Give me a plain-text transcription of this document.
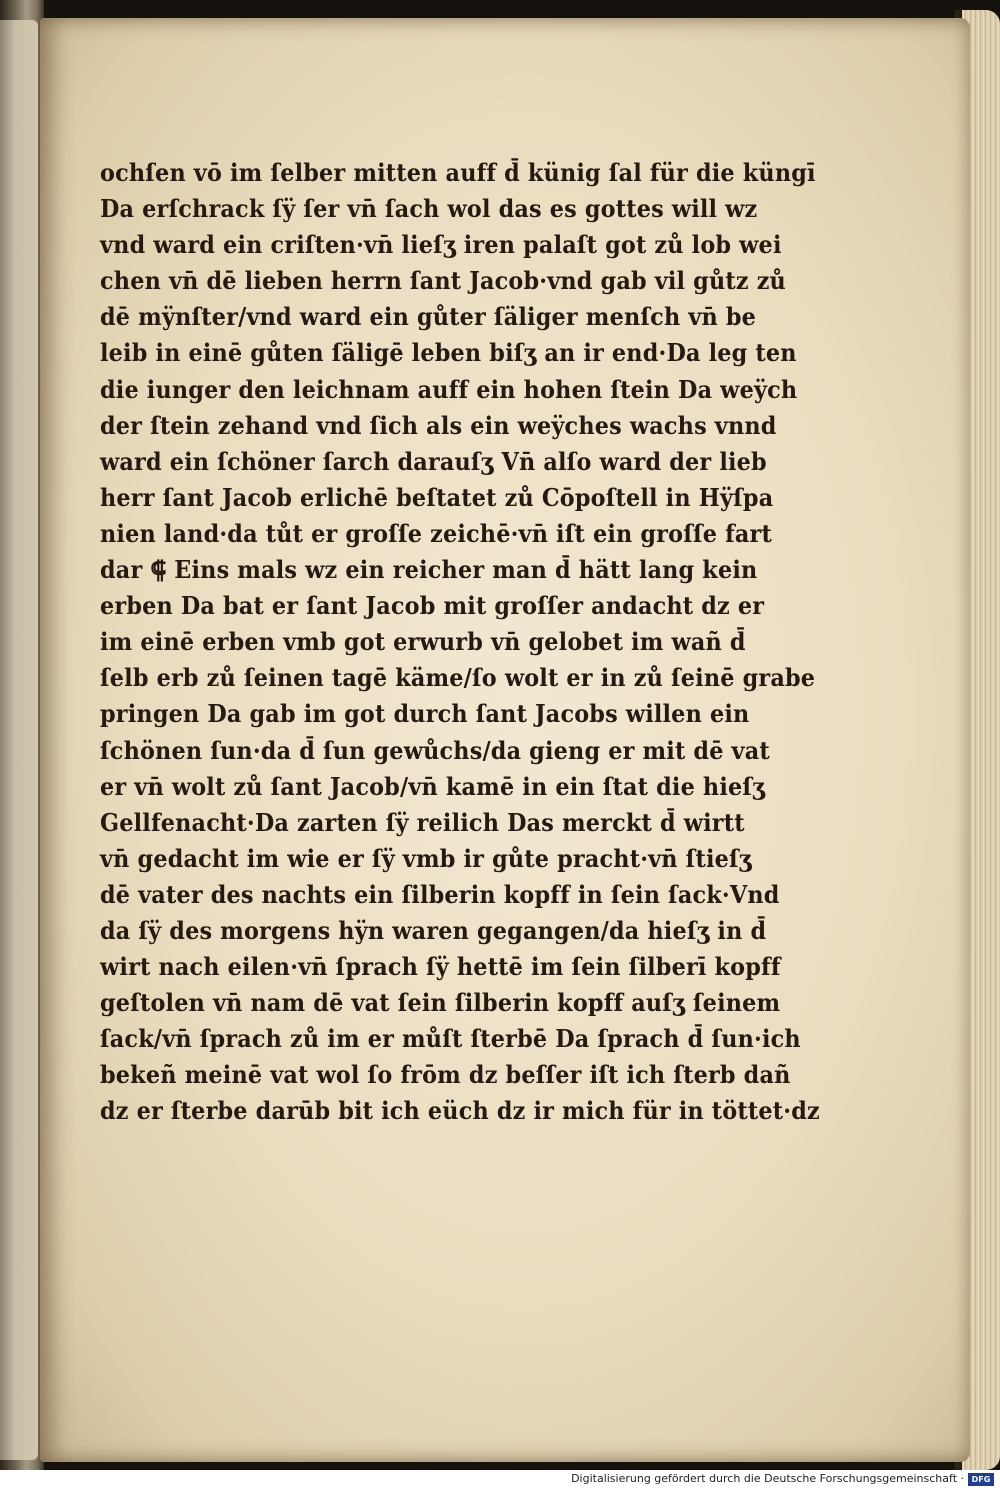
ochſen vō im ſelber mitten auff d̄ künig ſal für die küngī
Da erſchrack ſÿ ſer vn̄ ſach wol das es gottes will wz
vnd ward ein criſten·vn̄ lieſʒ iren palaſt got zů lob wei
chen vn̄ dē lieben herrn ſant Jacob·vnd gab vil gůtz zů
dē mÿnſter/vnd ward ein gůter ſäliger menſch vn̄ be
leib in einē gůten ſäligē leben biſʒ an ir end·Da leg ten
die iunger den leichnam auff ein hohen ſtein Da weÿch
der ſtein zehand vnd ſich als ein weÿches wachs vnnd
ward ein ſchöner ſarch darauſʒ Vn̄ alſo ward der lieb
herr ſant Jacob erlichē beſtatet zů Cōpoſtell in Hÿſpa
nien land·da tůt er groſſe zeichē·vn̄ iſt ein groſſe fart
dar ⸿ Eins mals wz ein reicher man d̄ hätt lang kein
erben Da bat er ſant Jacob mit groſſer andacht dz er
im einē erben vmb got erwurb vn̄ gelobet im wañ d̄
ſelb erb zů ſeinen tagē käme/ſo wolt er in zů ſeinē grabe
pringen Da gab im got durch ſant Jacobs willen ein
ſchönen ſun·da d̄ ſun gewůchs/da gieng er mit dē vat
er vn̄ wolt zů ſant Jacob/vn̄ kamē in ein ſtat die hieſʒ
Gellfenacht·Da zarten ſÿ reilich Das merckt d̄ wirtt
vn̄ gedacht im wie er ſÿ vmb ir gůte pracht·vn̄ ſtieſʒ
dē vater des nachts ein ſilberin kopff in ſein ſack·Vnd
da ſÿ des morgens hÿn waren gegangen/da hieſʒ in d̄
wirt nach eilen·vn̄ ſprach ſÿ hettē im ſein ſilberī kopff
geſtolen vn̄ nam dē vat ſein ſilberin kopff auſʒ ſeinem
ſack/vn̄ ſprach zů im er můſt ſterbē Da ſprach d̄ ſun·ich
bekeñ meinē vat wol ſo frōm dz beſſer iſt ich ſterb dañ
dz er ſterbe darūb bit ich eüch dz ir mich für in töttet·dz
Digitalisierung gefördert durch die Deutsche Forschungsgemeinschaft · DFG
